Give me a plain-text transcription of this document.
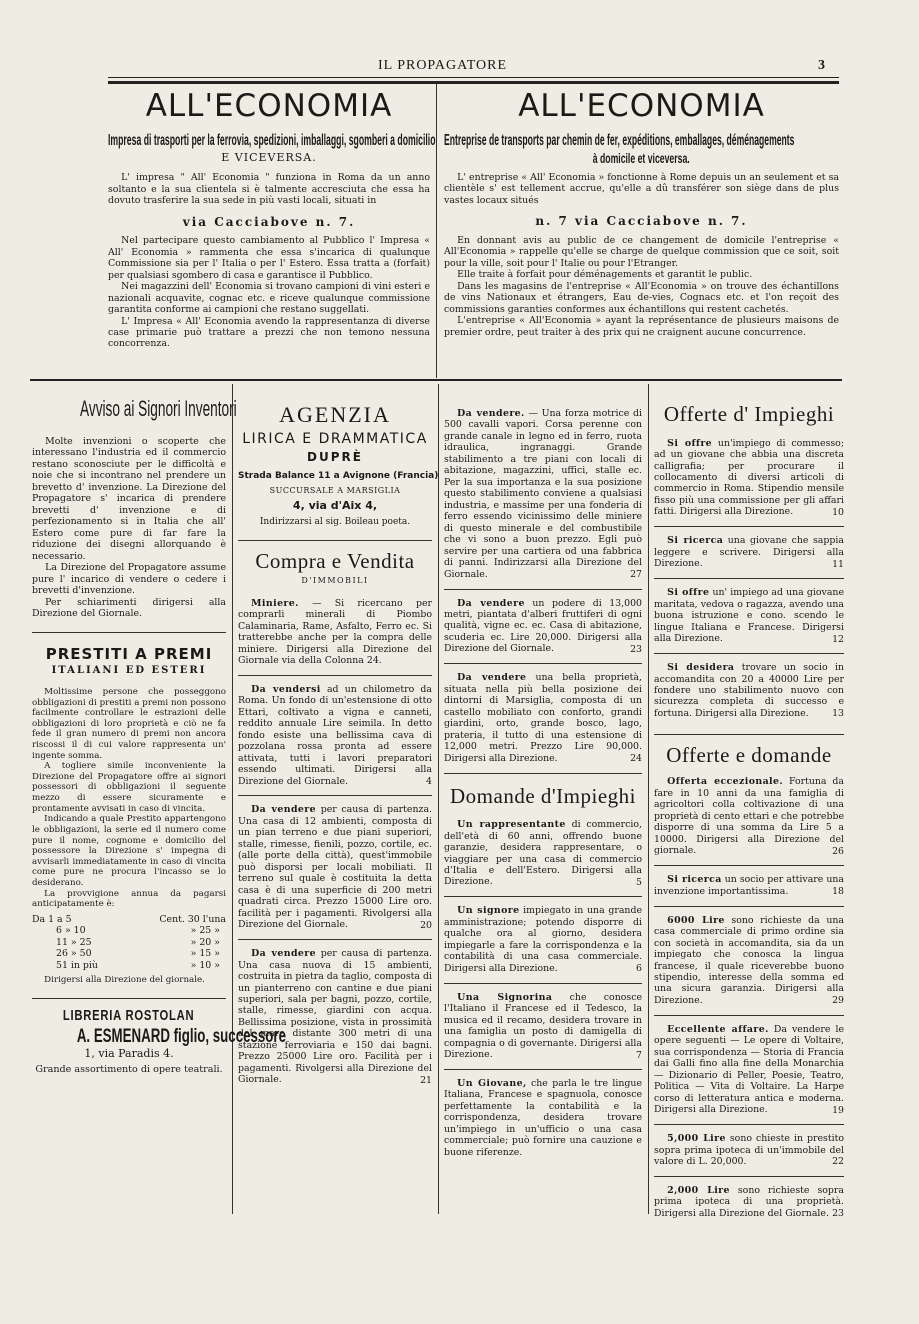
IL PROPAGATORE	3
ALL'ECONOMIA
Impresa di trasporti per la ferrovia, spedizioni, imballaggi, sgomberi a domicilio
E VICEVERSA.

L' impresa " All' Economia " funziona in Roma da un anno soltanto e la sua clientela si è talmente accresciuta che essa ha dovuto trasferire la sua sede in più vasti locali, situati in

via Cacciabove n. 7.

Nel partecipare questo cambiamento al Pubblico l' Impresa « All' Economia » rammenta che essa s'incarica di qualunque Commissione sia per l' Italia o per l' Estero. Essa tratta a (forfait) per qualsiasi sgombero di casa e garantisce il Pubblico.

Nei magazzini dell' Economia si trovano campioni di vini esteri e nazionali acquavite, cognac etc. e riceve qualunque commissione garantita conforme ai campioni che restano suggellati.

L' Impresa « All' Economia avendo la rappresentanza di diverse case primarie può trattare a prezzi che non temono nessuna concorrenza.

ALL'ECONOMIA
Entreprise de transports par chemin de fer, expéditions, emballages, déménagements
à domicile et viceversa.

L' entreprise « All' Economia » fonctionne à Rome depuis un an seulement et sa clientèle s' est tellement accrue, qu'elle a dû transférer son siège dans de plus vastes locaux situés

n. 7 via Cacciabove n. 7.

En donnant avis au public de ce changement de domicile l'entreprise « All'Economia » rappelle qu'elle se charge de quelque commission que ce soit, soit pour la ville, soit pour l' Italie ou pour l'Etranger.

Elle traite à forfait pour déménagements et garantit le public.

Dans les magasins de l'entreprise « All'Economia » on trouve des échantillons de vins Nationaux et étrangers, Eau de-vies, Cognacs etc. et l'on reçoit des commissions garanties conformes aux échantillons qui restent cachetés.

L'entreprise « All'Economia » ayant la représentance de plusieurs maisons de premier ordre, peut traiter à des prix qui ne craignent aucune concurrence.

Avviso ai Signori Inventori

Molte invenzioni o scoperte che interessano l'industria ed il commercio restano sconosciute per le difficoltà e noie che si incontrano nel prendere un brevetto d' invenzione. La Direzione del Propagatore s' incarica di prendere brevetti d' invenzione e di perfezionamento si in Italia che all' Estero come pure di far fare la riduzione dei disegni allorquando è necessario.

La Direzione del Propagatore assume pure l' incarico di vendere o cedere i brevetti d'invenzione.

Per schiarimenti dirigersi alla Direzione del Giornale.

PRESTITI A PREMI
ITALIANI ED ESTERI

Moltissime persone che posseggono obbligazioni di prestiti a premi non possono facilmente controllare le estrazioni delle obbligazioni di loro proprietà e ciò ne fa fede il gran numero di premi non ancora riscossi il di cui valore rappresenta un' ingente somma.

A togliere simile inconveniente la Direzione del Propagatore offre ai signori possessori di obbligazioni il seguente mezzo di essere sicuramente e prontamente avvisati in caso di vincita.

Indicando a quale Prestito appartengono le obbligazioni, la serie ed il numero come pure il nome, cognome e domicilio del possessore la Direzione s' impegna di avvisarli immediatamente in caso di vincita come pure ne procura l'incasso se lo desiderano.

La provvigione annua da pagarsi anticipatamente è:

Da 1 a 5	Cent. 30 l'una
6 » 10	» 25 »
11 » 25	» 20 »
26 » 50	» 15 »
51 in più	» 10 »

Dirigersi alla Direzione del giornale.

LIBRERIA ROSTOLAN
A. ESMENARD figlio, successore
1, via Paradis 4.
Grande assortimento di opere teatrali.
AGENZIA
LIRICA E DRAMMATICA
DUPRÈ
Strada Balance 11 a Avignone (Francia)
SUCCURSALE A MARSIGLIA
4, via d'Aix 4,
Indirizzarsi al sig. Boileau poeta.
Compra e Vendita
D'IMMOBILI

Miniere. — Si ricercano per comprarli minerali di Piombo Calaminaria, Rame, Asfalto, Ferro ec. Si tratterebbe anche per la compra delle miniere. Dirigersi alla Direzione del Giornale via della Colonna 24.

Da vendersi ad un chilometro da Roma. Un fondo di un'estensione di otto Ettari, coltivato a vigna e canneti, reddito annuale Lire seimila. In detto fondo esiste una bellissima cava di pozzolana rossa pronta ad essere attivata, tutti i lavori preparatori essendo ultimati. Dirigersi alla Direzione del Giornale.	4

Da vendere per causa di partenza. Una casa di 12 ambienti, composta di un pian terreno e due piani superiori, stalle, rimesse, fienili, pozzo, cortile, ec. (alle porte della città), quest'immobile può disporsi per locali mobiliati. Il terreno sul quale è costituita la detta casa è di una superficie di 200 metri quadrati circa. Prezzo 15000 Lire oro. facilità per i pagamenti. Rivolgersi alla Direzione del Giornale.	20

Da vendere per causa di partenza. Una casa nuova di 15 ambienti, costruita in pietra da taglio, composta di un pianterreno con cantine e due piani superiori, sala per bagni, pozzo, cortile, stalle, rimesse, giardini con acqua. Bellissima posizione, vista in prossimità del mare distante 300 metri di una stazione ferroviaria e 150 dai bagni. Prezzo 25000 Lire oro. Facilità per i pagamenti. Rivolgersi alla Direzione del Giornale.	21

Da vendere. — Una forza motrice di 500 cavalli vapori. Corsa perenne con grande canale in legno ed in ferro, ruota idraulica, ingranaggi. Grande stabilimento a tre piani con locali di abitazione, magazzini, uffici, stalle ec. Per la sua importanza e la sua posizione questo stabilimento conviene a qualsiasi industria, e massime per una fonderia di ferro essendo vicinissimo delle miniere di questo minerale e del combustibile che vi sono a buon prezzo. Egli può servire per una cartiera od una fabbrica di panni. Indirizzarsi alla Direzione del Giornale.	27

Da vendere un podere di 13,000 metri, piantata d'alberi fruttiferi di ogni qualità, vigne ec. ec. Casa di abitazione, scuderia ec. Lire 20,000. Dirigersi alla Direzione del Giornale.	23

Da vendere una bella proprietà, situata nella più bella posizione dei dintorni di Marsiglia, composta di un castello mobiliato con conforto, grandi giardini, orto, grande bosco, lago, prateria, il tutto di una estensione di 12,000 metri. Prezzo Lire 90,000. Dirigersi alla Direzione.	24
Domande d'Impieghi

Un rappresentante di commercio, dell'età di 60 anni, offrendo buone garanzie, desidera rappresentare, o viaggiare per una casa di commercio d'Italia e dell'Estero. Dirigersi alla Direzione.	5

Un signore impiegato in una grande amministrazione; potendo disporre di qualche ora al giorno, desidera impiegarle a fare la corrispondenza e la contabilità di una casa commerciale. Dirigersi alla Direzione.	6

Una Signorina che conosce l'Italiano il Francese ed il Tedesco, la musica ed il recamo, desidera trovare in una famiglia un posto di damigella di compagnia o di governante. Dirigersi alla Direzione.	7

Un Giovane, che parla le tre lingue Italiana, Francese e spagnuola, conosce perfettamente la contabilità e la corrispondenza, desidera trovare un'impiego in un'ufficio o una casa commerciale; può fornire una cauzione e buone riferenze.

Offerte d' Impieghi

Si offre un'impiego di commesso; ad un giovane che abbia una discreta calligrafia; per procurare il collocamento di diversi articoli di commercio in Roma. Stipendio mensile fisso più una commissione per gli affari fatti. Dirigersi alla Direzione.	10

Si ricerca una giovane che sappia leggere e scrivere. Dirigersi alla Direzione.	11

Si offre un' impiego ad una giovane maritata, vedova o ragazza, avendo una buona istruzione e cono. scendo le lingue Italiana e Francese. Dirigersi alla Direzione.	12

Si desidera trovare un socio in accomandita con 20 a 40000 Lire per fondere uno stabilimento nuovo con sicurezza completa di successo e fortuna. Dirigersi alla Direzione.	13
Offerte e domande

Offerta eccezionale. Fortuna da fare in 10 anni da una famiglia di agricoltori colla coltivazione di una proprietà di cento ettari e che potrebbe disporre di una somma da Lire 5 a 10000. Dirigersi alla Direzione del giornale.	26

Si ricerca un socio per attivare una invenzione importantissima.	18

6000 Lire sono richieste da una casa commerciale di primo ordine sia con società in accomandita, sia da un impiegato che conosca la lingua francese, il quale riceverebbe buono stipendio, interesse della somma ed una sicura garanzia. Dirigersi alla Direzione.	29

Eccellente affare. Da vendere le opere seguenti — Le opere di Voltaire, sua corrispondenza — Storia di Francia dai Galli fino alla fine della Monarchia — Dizionario di Peller, Poesie, Teatro, Politica — Vita di Voltaire. La Harpe corso di letteratura antica e moderna. Dirigersi alla Direzione.	19

5,000 Lire sono chieste in prestito sopra prima ipoteca di un'immobile del valore di L. 20,000.	22

2,000 Lire sono richieste sopra prima ipoteca di una proprietà. Dirigersi alla Direzione del Giornale. 23
